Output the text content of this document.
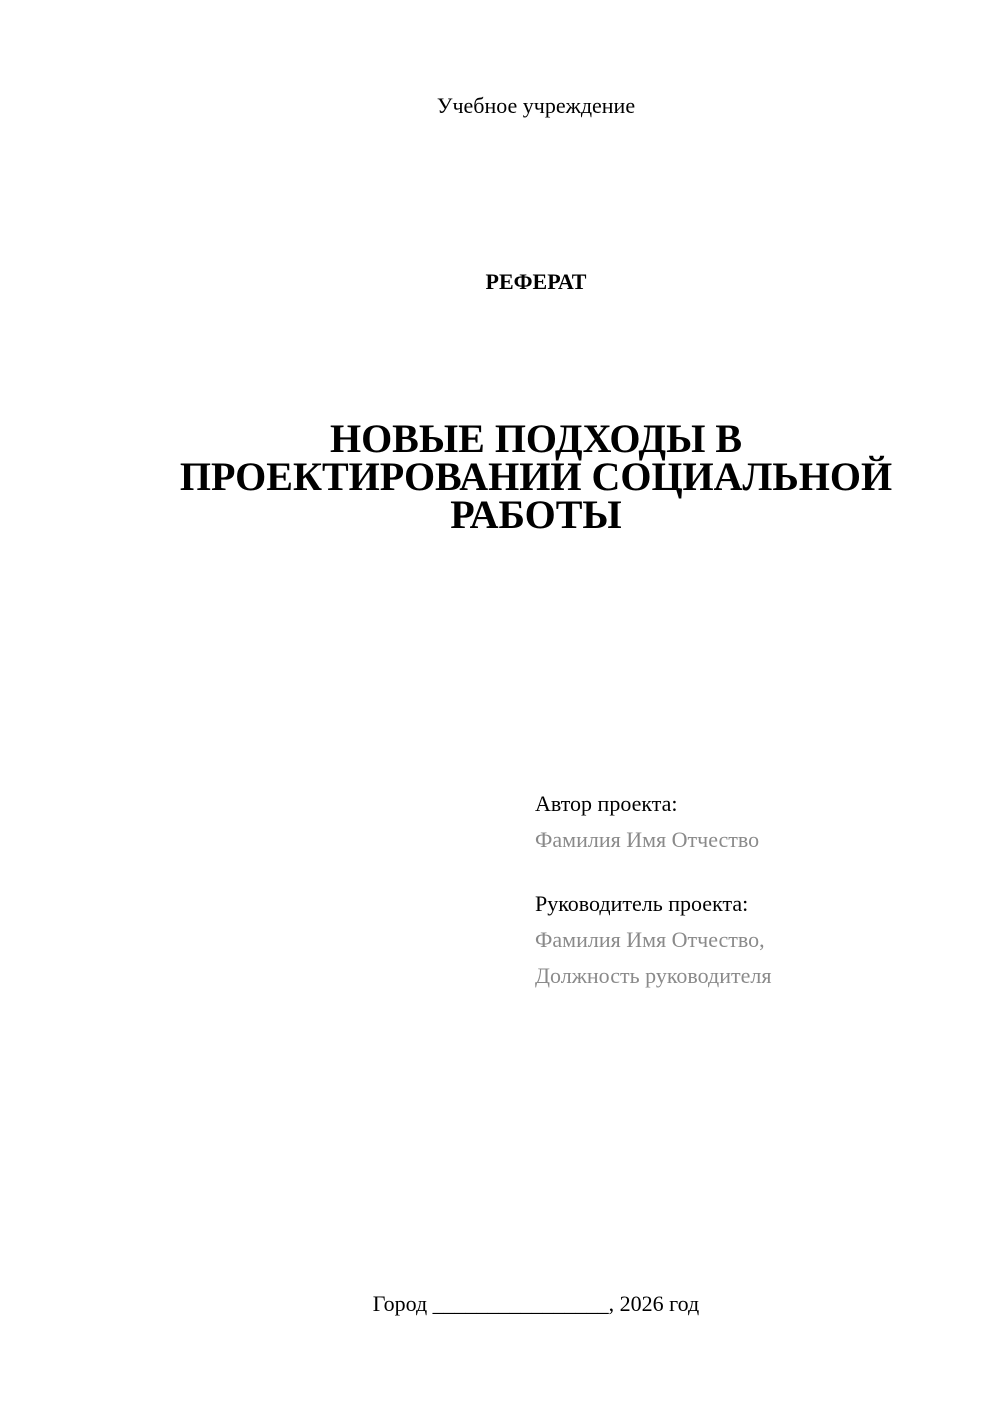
Учебное учреждение
РЕФЕРАТ
НОВЫЕ ПОДХОДЫ В
ПРОЕКТИРОВАНИИ СОЦИАЛЬНОЙ
РАБОТЫ
Автор проекта:
Фамилия Имя Отчество
Руководитель проекта:
Фамилия Имя Отчество,
Должность руководителя
Город ________________, 2026 год
